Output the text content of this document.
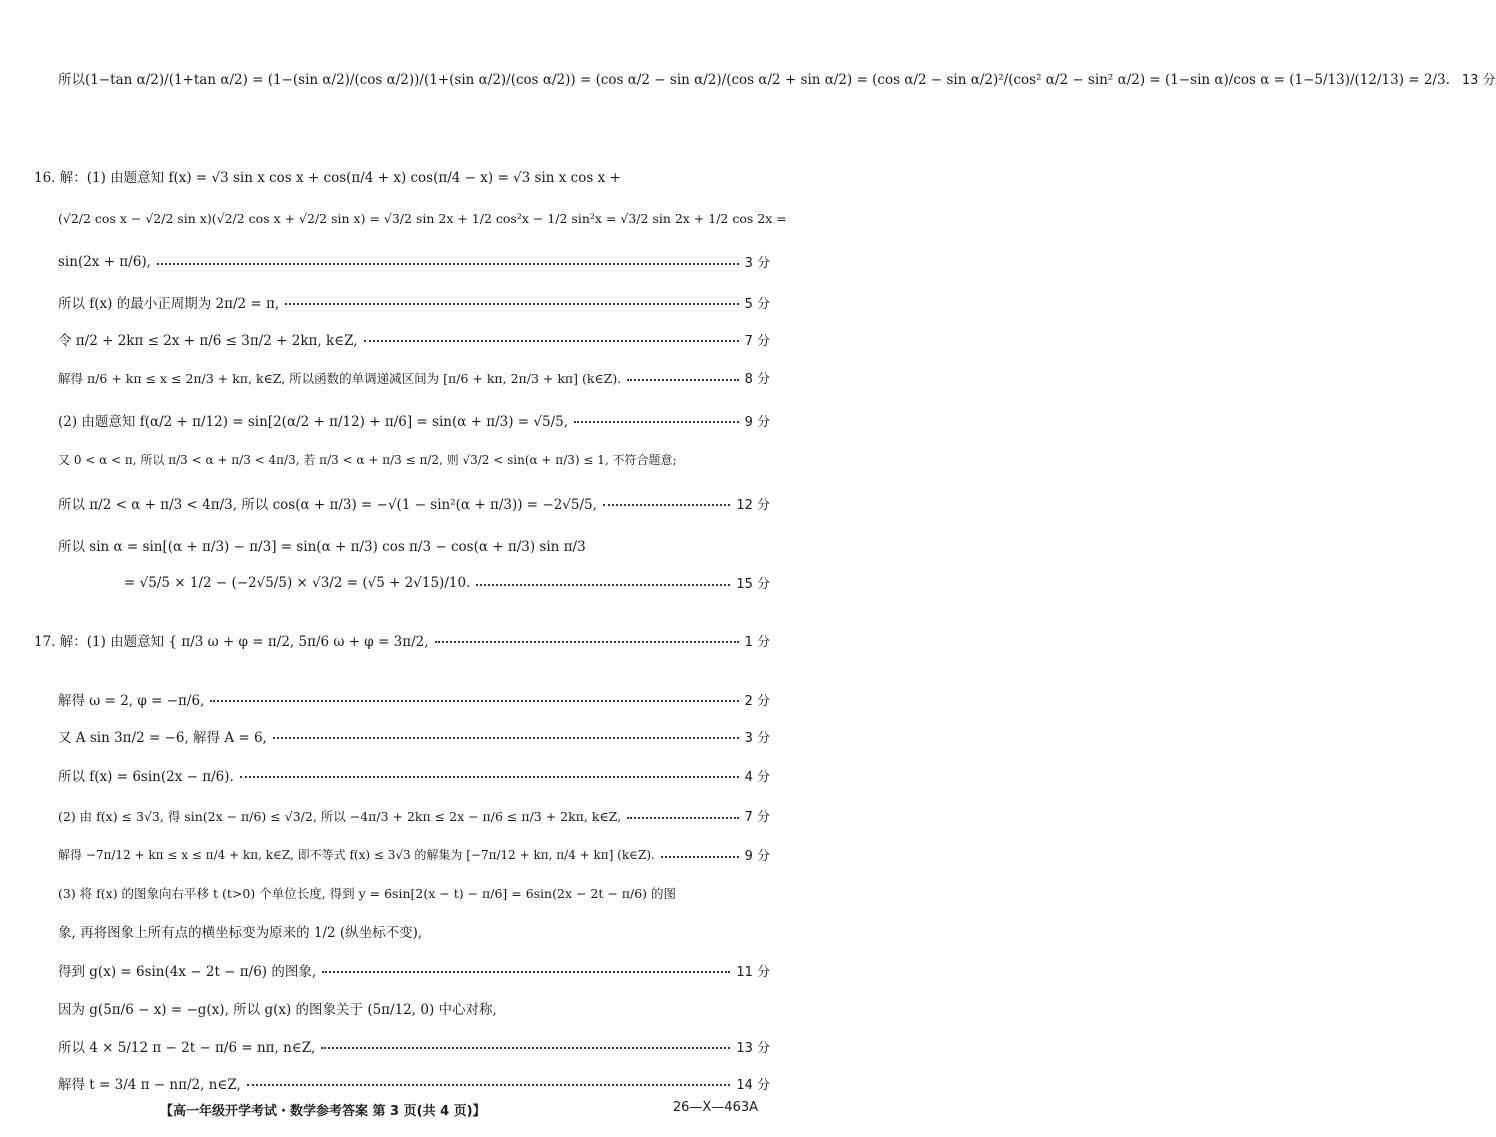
所以(1−tan α/2)/(1+tan α/2) = (1−(sin α/2)/(cos α/2))/(1+(sin α/2)/(cos α/2)) = (cos α/2 − sin α/2)/(cos α/2 + sin α/2) = (cos α/2 − sin α/2)²/(cos² α/2 − sin² α/2) = (1−sin α)/cos α = (1−5/13)/(12/13) = 2/3. 13 分
16. 解：(1) 由题意知 f(x) = √3 sin x cos x + cos(π/4 + x) cos(π/4 − x) = √3 sin x cos x +
(√2/2 cos x − √2/2 sin x)(√2/2 cos x + √2/2 sin x) = √3/2 sin 2x + 1/2 cos²x − 1/2 sin²x = √3/2 sin 2x + 1/2 cos 2x =
sin(2x + π/6),	3 分
所以 f(x) 的最小正周期为 2π/2 = π,	5 分
令 π/2 + 2kπ ≤ 2x + π/6 ≤ 3π/2 + 2kπ, k∈Z,	7 分
解得 π/6 + kπ ≤ x ≤ 2π/3 + kπ, k∈Z, 所以函数的单调递减区间为 [π/6 + kπ, 2π/3 + kπ] (k∈Z).	8 分
(2) 由题意知 f(α/2 + π/12) = sin[2(α/2 + π/12) + π/6] = sin(α + π/3) = √5/5,	9 分
又 0 < α < π, 所以 π/3 < α + π/3 < 4π/3, 若 π/3 < α + π/3 ≤ π/2, 则 √3/2 < sin(α + π/3) ≤ 1, 不符合题意;
所以 π/2 < α + π/3 < 4π/3, 所以 cos(α + π/3) = −√(1 − sin²(α + π/3)) = −2√5/5,	12 分
所以 sin α = sin[(α + π/3) − π/3] = sin(α + π/3) cos π/3 − cos(α + π/3) sin π/3
= √5/5 × 1/2 − (−2√5/5) × √3/2 = (√5 + 2√15)/10.	15 分
17. 解：(1) 由题意知 { π/3 ω + φ = π/2, 5π/6 ω + φ = 3π/2,	1 分
解得 ω = 2, φ = −π/6,	2 分
又 A sin 3π/2 = −6, 解得 A = 6,	3 分
所以 f(x) = 6sin(2x − π/6).	4 分
(2) 由 f(x) ≤ 3√3, 得 sin(2x − π/6) ≤ √3/2, 所以 −4π/3 + 2kπ ≤ 2x − π/6 ≤ π/3 + 2kπ, k∈Z,	7 分
解得 −7π/12 + kπ ≤ x ≤ π/4 + kπ, k∈Z, 即不等式 f(x) ≤ 3√3 的解集为 [−7π/12 + kπ, π/4 + kπ] (k∈Z).	9 分
(3) 将 f(x) 的图象向右平移 t (t>0) 个单位长度, 得到 y = 6sin[2(x − t) − π/6] = 6sin(2x − 2t − π/6) 的图
象, 再将图象上所有点的横坐标变为原来的 1/2 (纵坐标不变),
得到 g(x) = 6sin(4x − 2t − π/6) 的图象,	11 分
因为 g(5π/6 − x) = −g(x), 所以 g(x) 的图象关于 (5π/12, 0) 中心对称,
所以 4 × 5/12 π − 2t − π/6 = nπ, n∈Z,	13 分
解得 t = 3/4 π − nπ/2, n∈Z,	14 分
【高一年级开学考试・数学参考答案 第 3 页(共 4 页)】	26—X—463A
